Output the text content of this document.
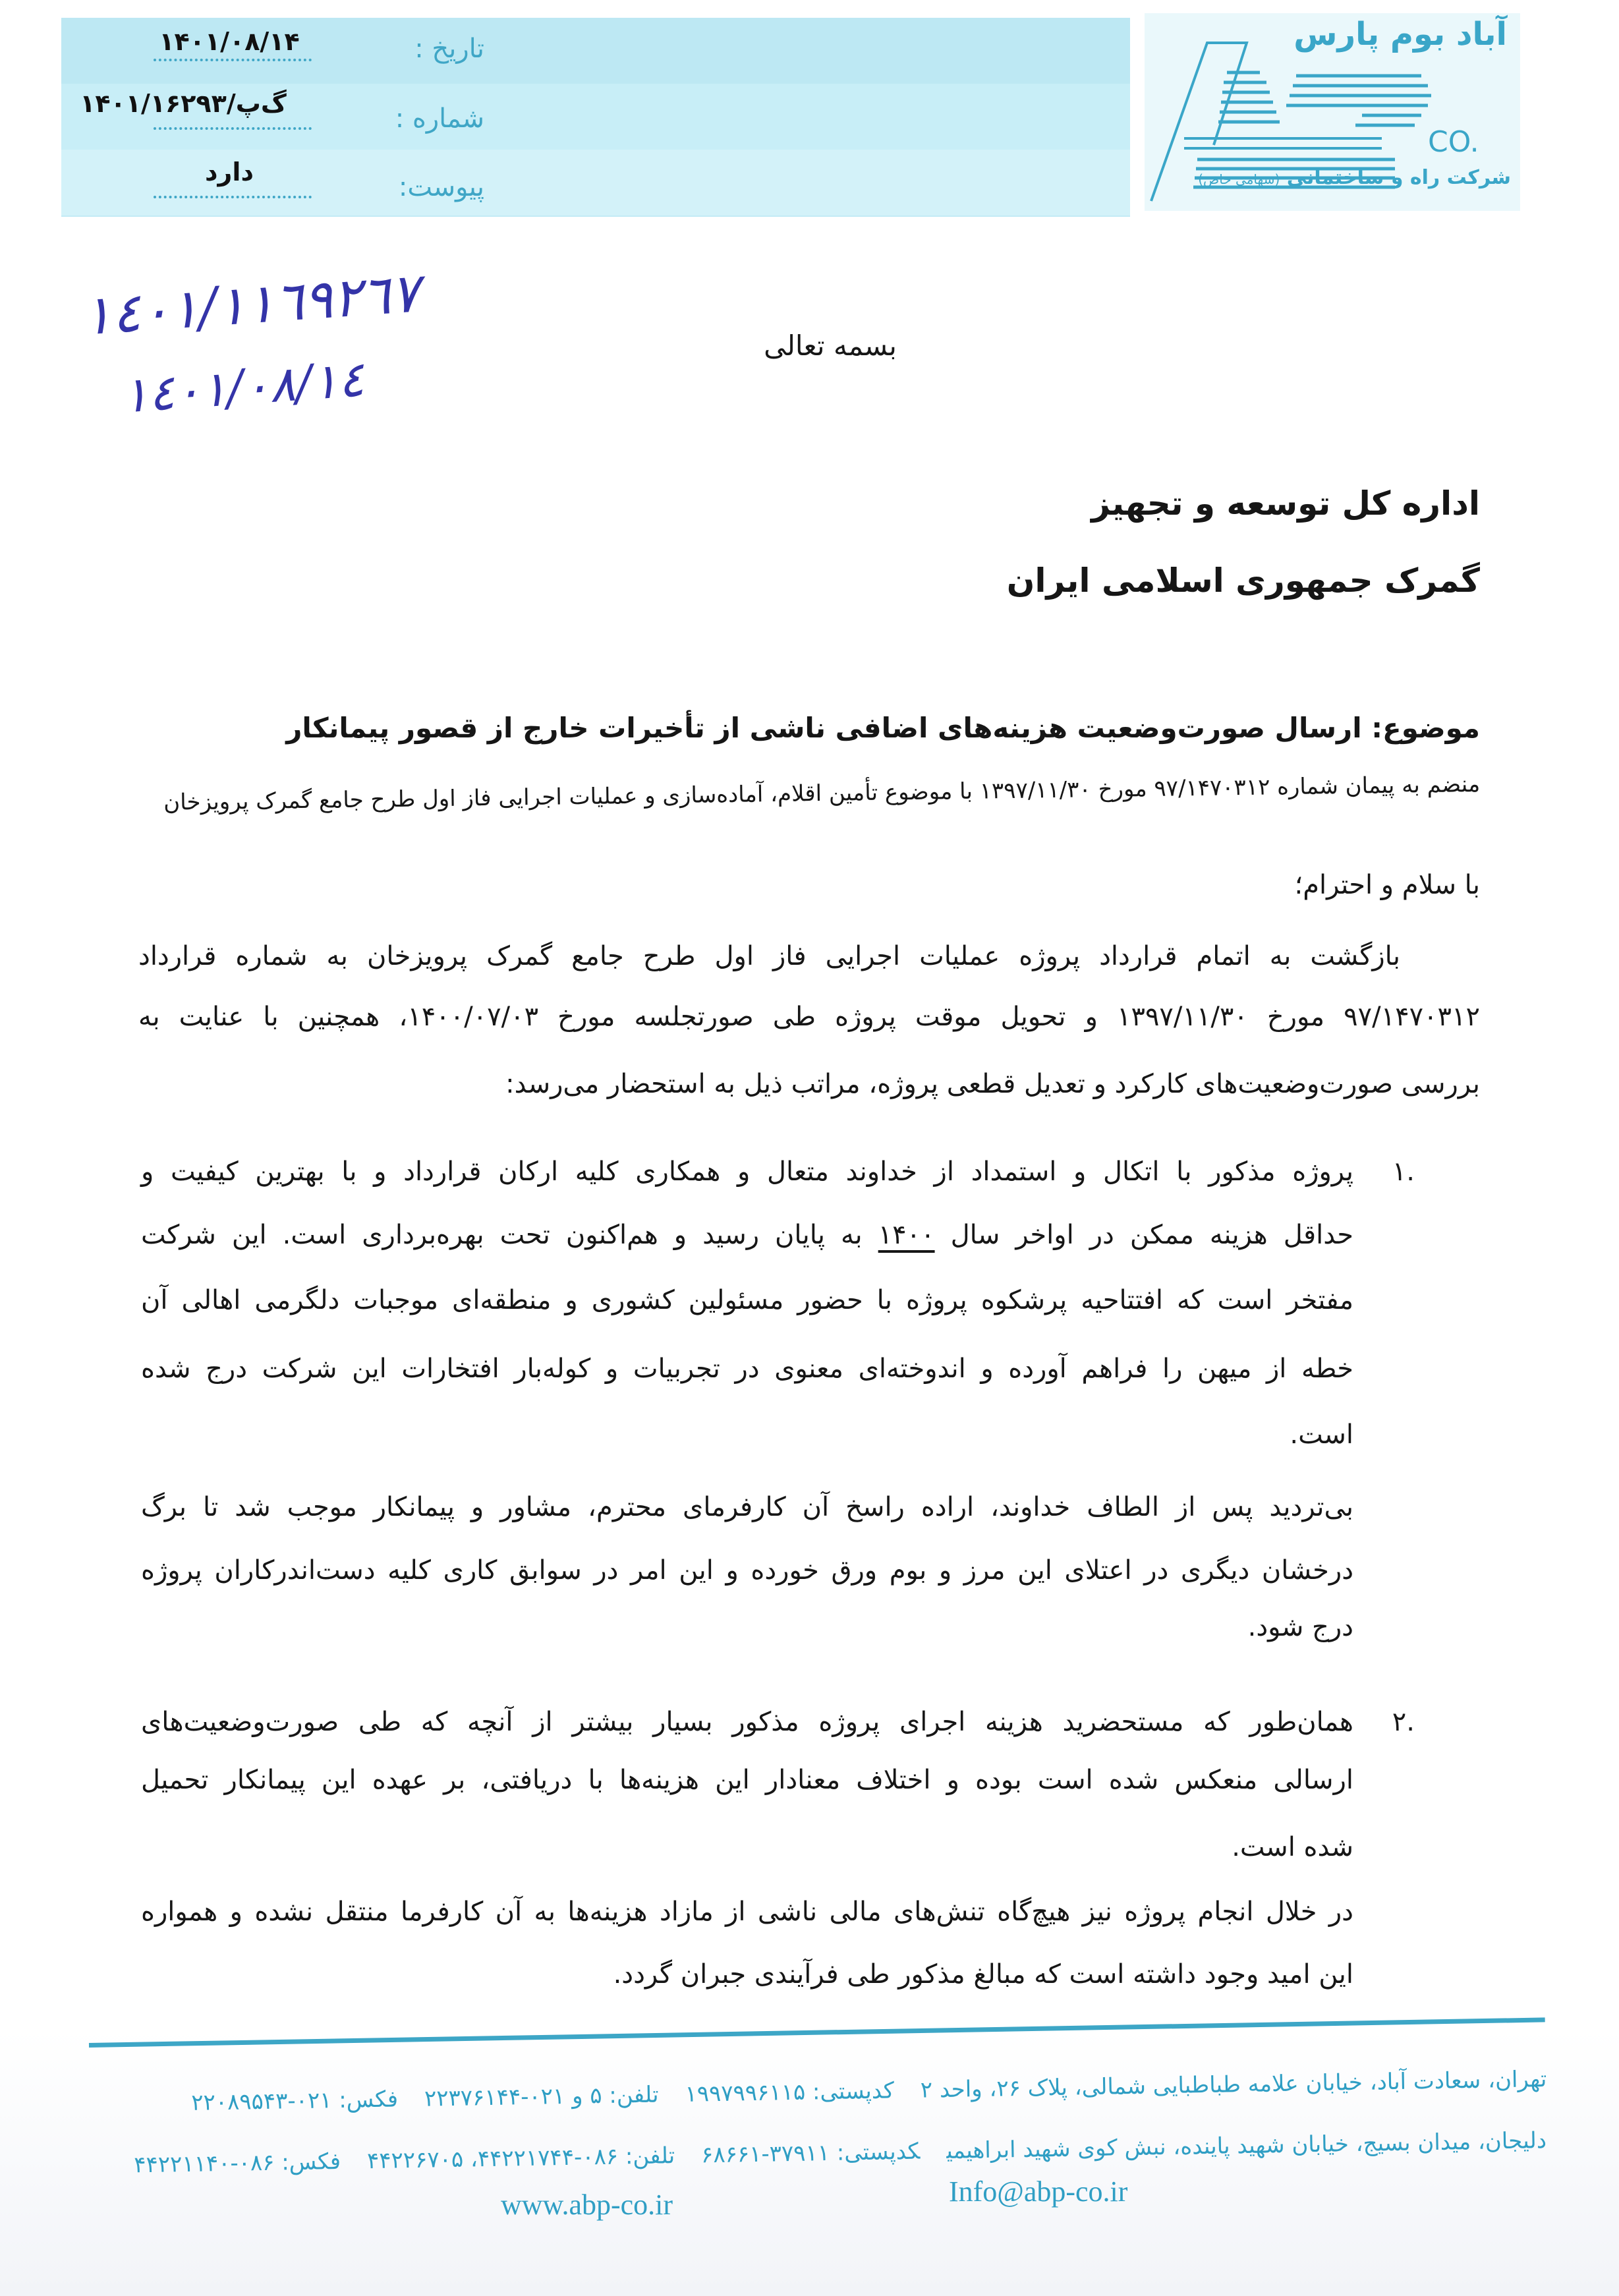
تاریخ :
۱۴۰۱/۰۸/۱۴
شماره :
۱۴۰۱/گ‌پ/۱۶۲۹۳
پیوست:
دارد
آباد بوم پارس
CO.
شرکت راه و ساختمانی (سهامی خاص)
١٤٠١/١١٦٩٢٦٧
١٤٠١/٠٨/١٤
بسمه تعالی
اداره کل توسعه و تجهیز
گمرک جمهوری اسلامی ایران
موضوع: ارسال صورت‌وضعیت هزینه‌های اضافی ناشی از تأخیرات خارج از قصور پیمانکار
منضم به پیمان شماره ۹۷/۱۴۷۰۳۱۲ مورخ ۱۳۹۷/۱۱/۳۰ با موضوع تأمین اقلام، آماده‌سازی و عملیات اجرایی فاز اول طرح جامع گمرک پرویزخان
با سلام و احترام؛
بازگشت به اتمام قرارداد پروژه عملیات اجرایی فاز اول طرح جامع گمرک پرویزخان به شماره قرارداد
۹۷/۱۴۷۰۳۱۲ مورخ ۱۳۹۷/۱۱/۳۰ و تحویل موقت پروژه طی صورتجلسه مورخ ۱۴۰۰/۰۷/۰۳، همچنین با عنایت به
بررسی صورت‌وضعیت‌های کارکرد و تعدیل قطعی پروژه، مراتب ذیل به استحضار می‌رسد:
.۱
پروژه مذکور با اتکال و استمداد از خداوند متعال و همکاری کلیه ارکان قرارداد و با بهترین کیفیت و
حداقل هزینه ممکن در اواخر سال ۱۴۰۰ به پایان رسید و هم‌اکنون تحت بهره‌برداری است. این شرکت
مفتخر است که افتتاحیه پرشکوه پروژه با حضور مسئولین کشوری و منطقه‌ای موجبات دلگرمی اهالی آن
خطه از میهن را فراهم آورده و اندوخته‌ای معنوی در تجربیات و کوله‌بار افتخارات این شرکت درج شده
است.
بی‌تردید پس از الطاف خداوند، اراده راسخ آن کارفرمای محترم، مشاور و پیمانکار موجب شد تا برگ
درخشان دیگری در اعتلای این مرز و بوم ورق خورده و این امر در سوابق کاری کلیه دست‌اندرکاران پروژه
درج شود.
.۲
همان‌طور که مستحضرید هزینه اجرای پروژه مذکور بسیار بیشتر از آنچه که طی صورت‌وضعیت‌های
ارسالی منعکس شده است بوده و اختلاف معنادار این هزینه‌ها با دریافتی، بر عهده این پیمانکار تحمیل
شده است.
در خلال انجام پروژه نیز هیچ‌گاه تنش‌های مالی ناشی از مازاد هزینه‌ها به آن کارفرما منتقل نشده و همواره
این امید وجود داشته است که مبالغ مذکور طی فرآیندی جبران گردد.
تهران، سعادت آباد، خیابان علامه طباطبایی شمالی، پلاک ۲۶، واحد ۲کدپستی: ۱۹۹۷۹۹۶۱۱۵تلفن: ۵ و ۰۲۱-۲۲۳۷۶۱۴۴فکس: ۰۲۱-۲۲۰۸۹۵۴۳
دلیجان، میدان بسیج، خیابان شهید پاینده، نبش کوی شهید ابراهیمیکدپستی: ۳۷۹۱۱-۶۸۶۶۱تلفن: ۰۸۶-۴۴۲۲۱۷۴۴، ۴۴۲۲۶۷۰۵فکس: ۰۸۶-۴۴۲۲۱۱۴۰
www.abp-co.ir	Info@abp-co.ir
